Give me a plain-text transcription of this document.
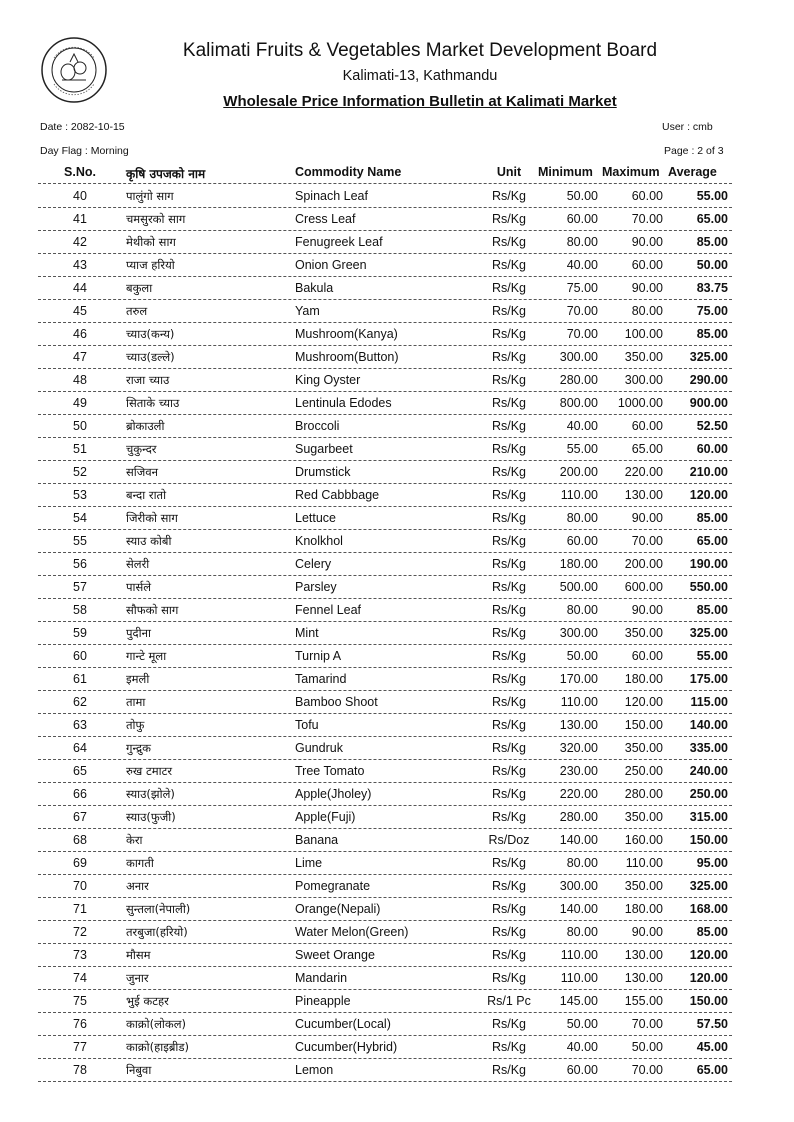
Kalimati Fruits & Vegetables Market Development Board
Kalimati-13, Kathmandu
Wholesale Price Information Bulletin at Kalimati Market
Date : 2082-10-15	User : cmb
Day Flag : Morning	Page : 2 of 3
S.No.	कृषि उपजको नाम	Commodity Name	Unit	Minimum Maximum Average
40	पालुंगो साग	Spinach Leaf	Rs/Kg	50.00	60.00	55.00
41	चमसुरको साग	Cress Leaf	Rs/Kg	60.00	70.00	65.00
42	मेथीको साग	Fenugreek Leaf	Rs/Kg	80.00	90.00	85.00
43	प्याज हरियो	Onion Green	Rs/Kg	40.00	60.00	50.00
44	बकुला	Bakula	Rs/Kg	75.00	90.00	83.75
45	तरुल	Yam	Rs/Kg	70.00	80.00	75.00
46	च्याउ(कन्य)	Mushroom(Kanya)	Rs/Kg	70.00	100.00	85.00
47	च्याउ(डल्ले)	Mushroom(Button)	Rs/Kg	300.00	350.00	325.00
48	राजा च्याउ	King Oyster	Rs/Kg	280.00	300.00	290.00
49	सिताके च्याउ	Lentinula Edodes	Rs/Kg	800.00	1000.00	900.00
50	ब्रोकाउली	Broccoli	Rs/Kg	40.00	60.00	52.50
51	चुकुन्दर	Sugarbeet	Rs/Kg	55.00	65.00	60.00
52	सजिवन	Drumstick	Rs/Kg	200.00	220.00	210.00
53	बन्दा रातो	Red Cabbbage	Rs/Kg	110.00	130.00	120.00
54	जिरीको साग	Lettuce	Rs/Kg	80.00	90.00	85.00
55	स्याउ कोबी	Knolkhol	Rs/Kg	60.00	70.00	65.00
56	सेलरी	Celery	Rs/Kg	180.00	200.00	190.00
57	पार्सले	Parsley	Rs/Kg	500.00	600.00	550.00
58	सौफको साग	Fennel Leaf	Rs/Kg	80.00	90.00	85.00
59	पुदीना	Mint	Rs/Kg	300.00	350.00	325.00
60	गान्टे मूला	Turnip A	Rs/Kg	50.00	60.00	55.00
61	इमली	Tamarind	Rs/Kg	170.00	180.00	175.00
62	तामा	Bamboo Shoot	Rs/Kg	110.00	120.00	115.00
63	तोफु	Tofu	Rs/Kg	130.00	150.00	140.00
64	गुन्द्रुक	Gundruk	Rs/Kg	320.00	350.00	335.00
65	रुख टमाटर	Tree Tomato	Rs/Kg	230.00	250.00	240.00
66	स्याउ(झोले)	Apple(Jholey)	Rs/Kg	220.00	280.00	250.00
67	स्याउ(फुजी)	Apple(Fuji)	Rs/Kg	280.00	350.00	315.00
68	केरा	Banana	Rs/Doz	140.00	160.00	150.00
69	कागती	Lime	Rs/Kg	80.00	110.00	95.00
70	अनार	Pomegranate	Rs/Kg	300.00	350.00	325.00
71	सुन्तला(नेपाली)	Orange(Nepali)	Rs/Kg	140.00	180.00	168.00
72	तरबुजा(हरियो)	Water Melon(Green)	Rs/Kg	80.00	90.00	85.00
73	मौसम	Sweet Orange	Rs/Kg	110.00	130.00	120.00
74	जुनार	Mandarin	Rs/Kg	110.00	130.00	120.00
75	भुई कटहर	Pineapple	Rs/1 Pc	145.00	155.00	150.00
76	काक्रो(लोकल)	Cucumber(Local)	Rs/Kg	50.00	70.00	57.50
77	काक्रो(हाइब्रीड)	Cucumber(Hybrid)	Rs/Kg	40.00	50.00	45.00
78	निबुवा	Lemon	Rs/Kg	60.00	70.00	65.00
